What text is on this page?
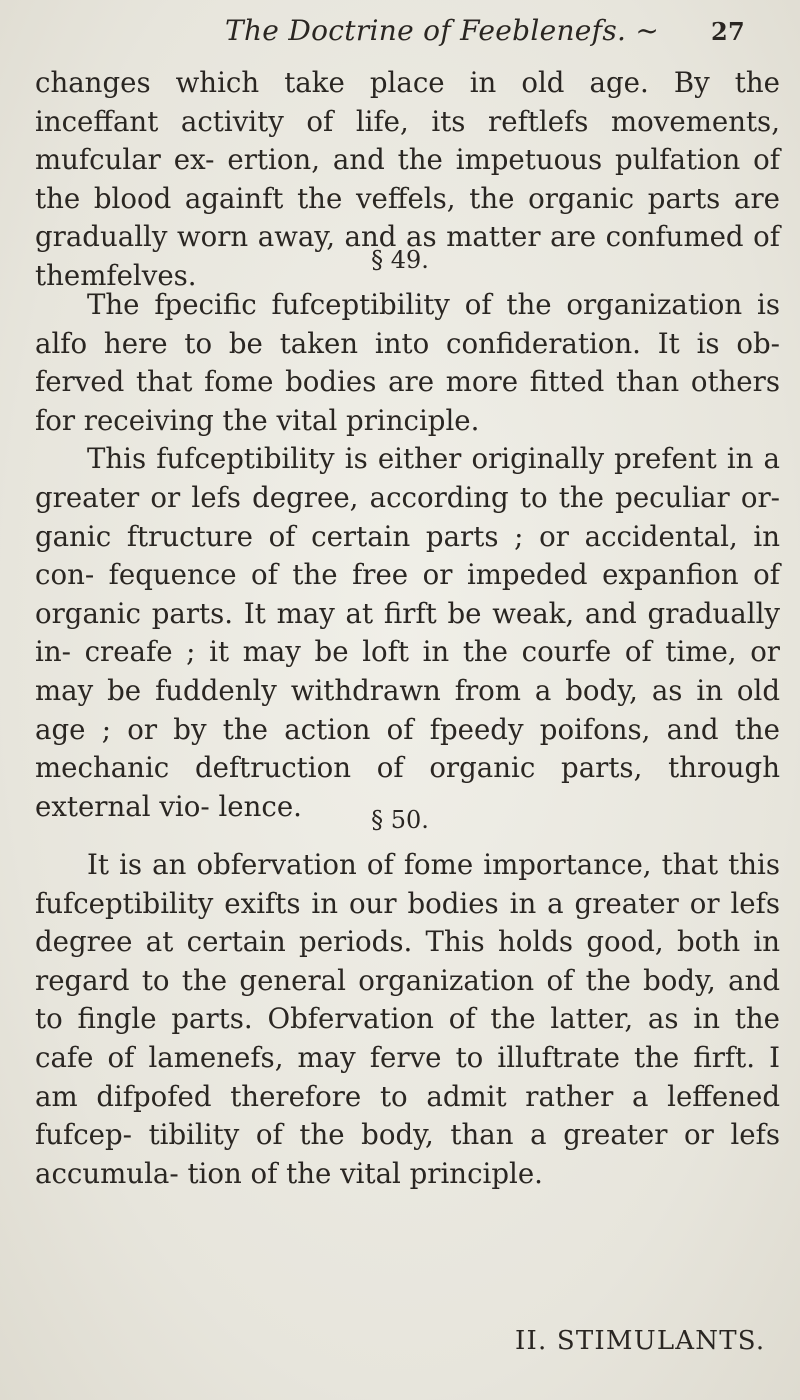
The Doctrine of Feeblenefs. ~ 27

changes which take place in old age. By the inceffant activity of life, its reftlefs movements, mufcular ex- ertion, and the impetuous pulfation of the blood againft the veffels, the organic parts are gradually worn away, and as matter are confumed of themfelves.	§ 49.

The fpecific fufceptibility of the organization is alfo here to be taken into confideration. It is ob- ferved that fome bodies are more fitted than others for receiving the vital principle.

This fufceptibility is either originally prefent in a greater or lefs degree, according to the peculiar or- ganic ftructure of certain parts ; or accidental, in con- fequence of the free or impeded expanfion of organic parts. It may at firft be weak, and gradually in- creafe ; it may be loft in the courfe of time, or may be fuddenly withdrawn from a body, as in old age ; or by the action of fpeedy poifons, and the mechanic deftruction of organic parts, through external vio- lence.	§ 50.

It is an obfervation of fome importance, that this fufceptibility exifts in our bodies in a greater or lefs degree at certain periods. This holds good, both in regard to the general organization of the body, and to fingle parts. Obfervation of the latter, as in the cafe of lamenefs, may ferve to illuftrate the firft. I am difpofed therefore to admit rather a leffened fufcep- tibility of the body, than a greater or lefs accumula- tion of the vital principle.

II. STIMULANTS.
